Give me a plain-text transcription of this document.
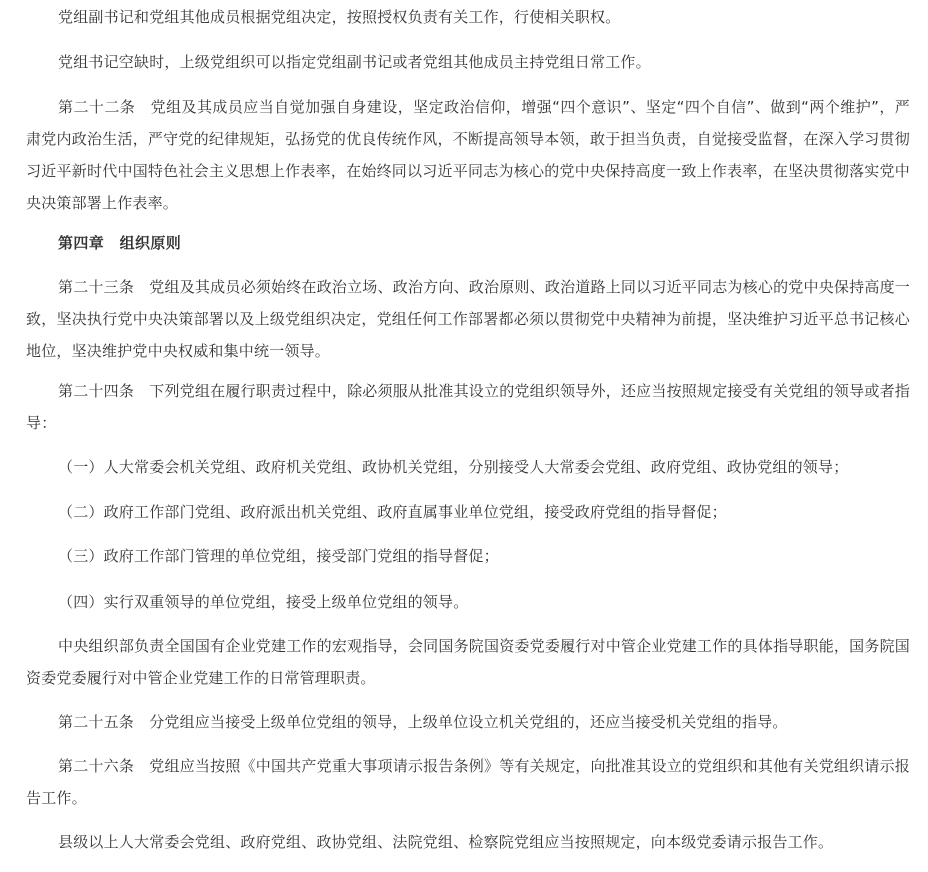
党组副书记和党组其他成员根据党组决定，按照授权负责有关工作，行使相关职权。

党组书记空缺时，上级党组织可以指定党组副书记或者党组其他成员主持党组日常工作。

第二十二条　党组及其成员应当自觉加强自身建设，坚定政治信仰，增强“四个意识”、坚定“四个自信”、做到“两个维护”，严肃党内政治生活，严守党的纪律规矩，弘扬党的优良传统作风，不断提高领导本领，敢于担当负责，自觉接受监督，在深入学习贯彻习近平新时代中国特色社会主义思想上作表率，在始终同以习近平同志为核心的党中央保持高度一致上作表率，在坚决贯彻落实党中央决策部署上作表率。

第四章　组织原则

第二十三条　党组及其成员必须始终在政治立场、政治方向、政治原则、政治道路上同以习近平同志为核心的党中央保持高度一致，坚决执行党中央决策部署以及上级党组织决定，党组任何工作部署都必须以贯彻党中央精神为前提，坚决维护习近平总书记核心地位，坚决维护党中央权威和集中统一领导。

第二十四条　下列党组在履行职责过程中，除必须服从批准其设立的党组织领导外，还应当按照规定接受有关党组的领导或者指导：

（一）人大常委会机关党组、政府机关党组、政协机关党组，分别接受人大常委会党组、政府党组、政协党组的领导；

（二）政府工作部门党组、政府派出机关党组、政府直属事业单位党组，接受政府党组的指导督促；

（三）政府工作部门管理的单位党组，接受部门党组的指导督促；

（四）实行双重领导的单位党组，接受上级单位党组的领导。

中央组织部负责全国国有企业党建工作的宏观指导，会同国务院国资委党委履行对中管企业党建工作的具体指导职能，国务院国资委党委履行对中管企业党建工作的日常管理职责。

第二十五条　分党组应当接受上级单位党组的领导，上级单位设立机关党组的，还应当接受机关党组的指导。

第二十六条　党组应当按照《中国共产党重大事项请示报告条例》等有关规定，向批准其设立的党组织和其他有关党组织请示报告工作。

县级以上人大常委会党组、政府党组、政协党组、法院党组、检察院党组应当按照规定，向本级党委请示报告工作。
